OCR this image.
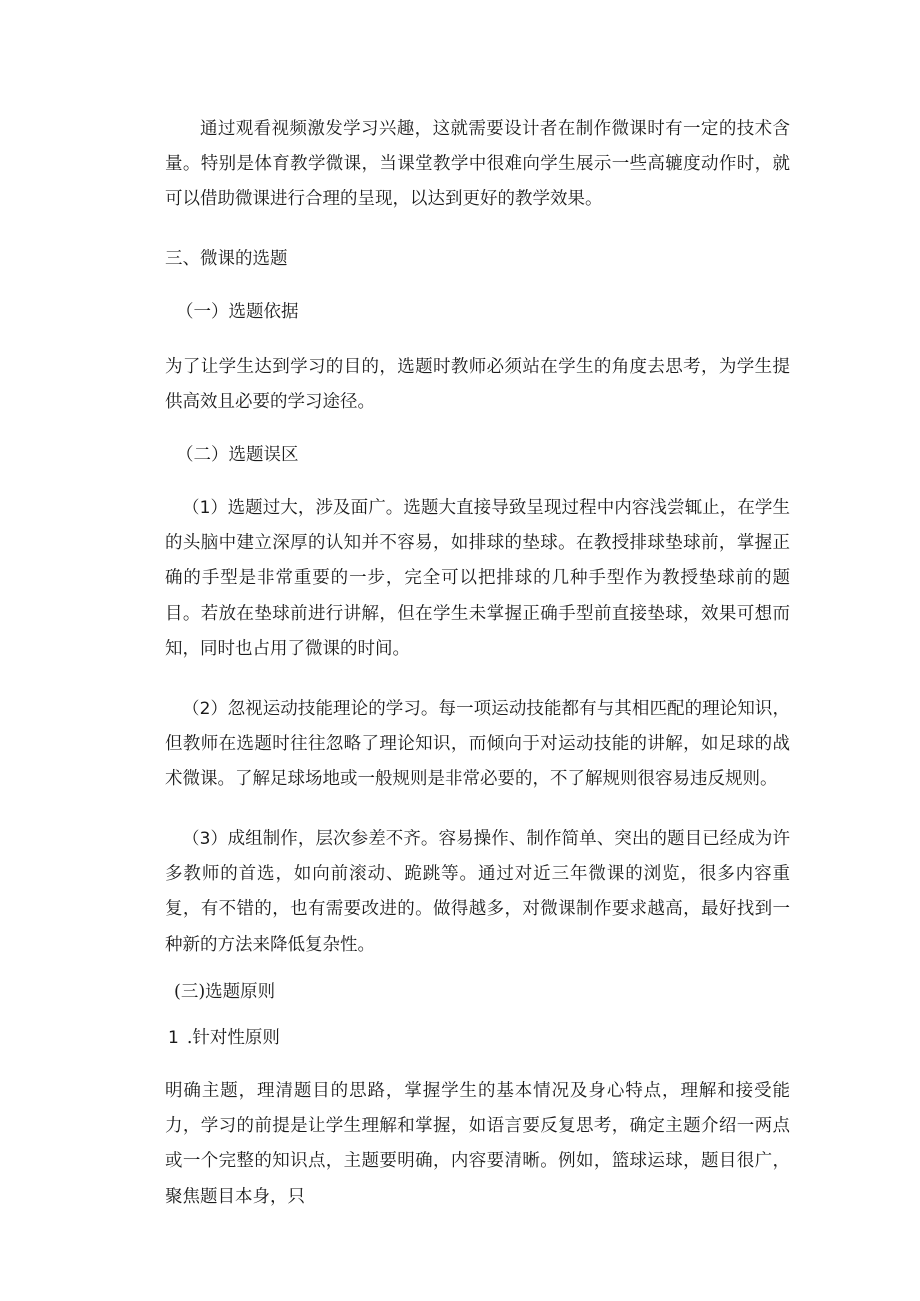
通过观看视频激发学习兴趣，这就需要设计者在制作微课时有一定的技术含量。特别是体育教学微课，当课堂教学中很难向学生展示一些高辘度动作时，就可以借助微课进行合理的呈现，以达到更好的教学效果。

三、微课的选题

（一）选题依据

为了让学生达到学习的目的，选题时教师必须站在学生的角度去思考，为学生提供高效且必要的学习途径。

（二）选题误区

（1）选题过大，涉及面广。选题大直接导致呈现过程中内容浅尝辄止，在学生的头脑中建立深厚的认知并不容易，如排球的垫球。在教授排球垫球前，掌握正确的手型是非常重要的一步，完全可以把排球的几种手型作为教授垫球前的题目。若放在垫球前进行讲解，但在学生未掌握正确手型前直接垫球，效果可想而知，同时也占用了微课的时间。

（2）忽视运动技能理论的学习。每一项运动技能都有与其相匹配的理论知识，但教师在选题时往往忽略了理论知识，而倾向于对运动技能的讲解，如足球的战术微课。了解足球场地或一般规则是非常必要的，不了解规则很容易违反规则。

（3）成组制作，层次参差不齐。容易操作、制作简单、突出的题目已经成为许多教师的首选，如向前滚动、跪跳等。通过对近三年微课的浏览，很多内容重复，有不错的，也有需要改进的。做得越多，对微课制作要求越高，最好找到一种新的方法来降低复杂性。

(三)选题原则

1 .针对性原则

明确主题，理清题目的思路，掌握学生的基本情况及身心特点，理解和接受能力，学习的前提是让学生理解和掌握，如语言要反复思考，确定主题介绍一两点或一个完整的知识点，主题要明确，内容要清晰。例如，篮球运球，题目很广，聚焦题目本身，只
